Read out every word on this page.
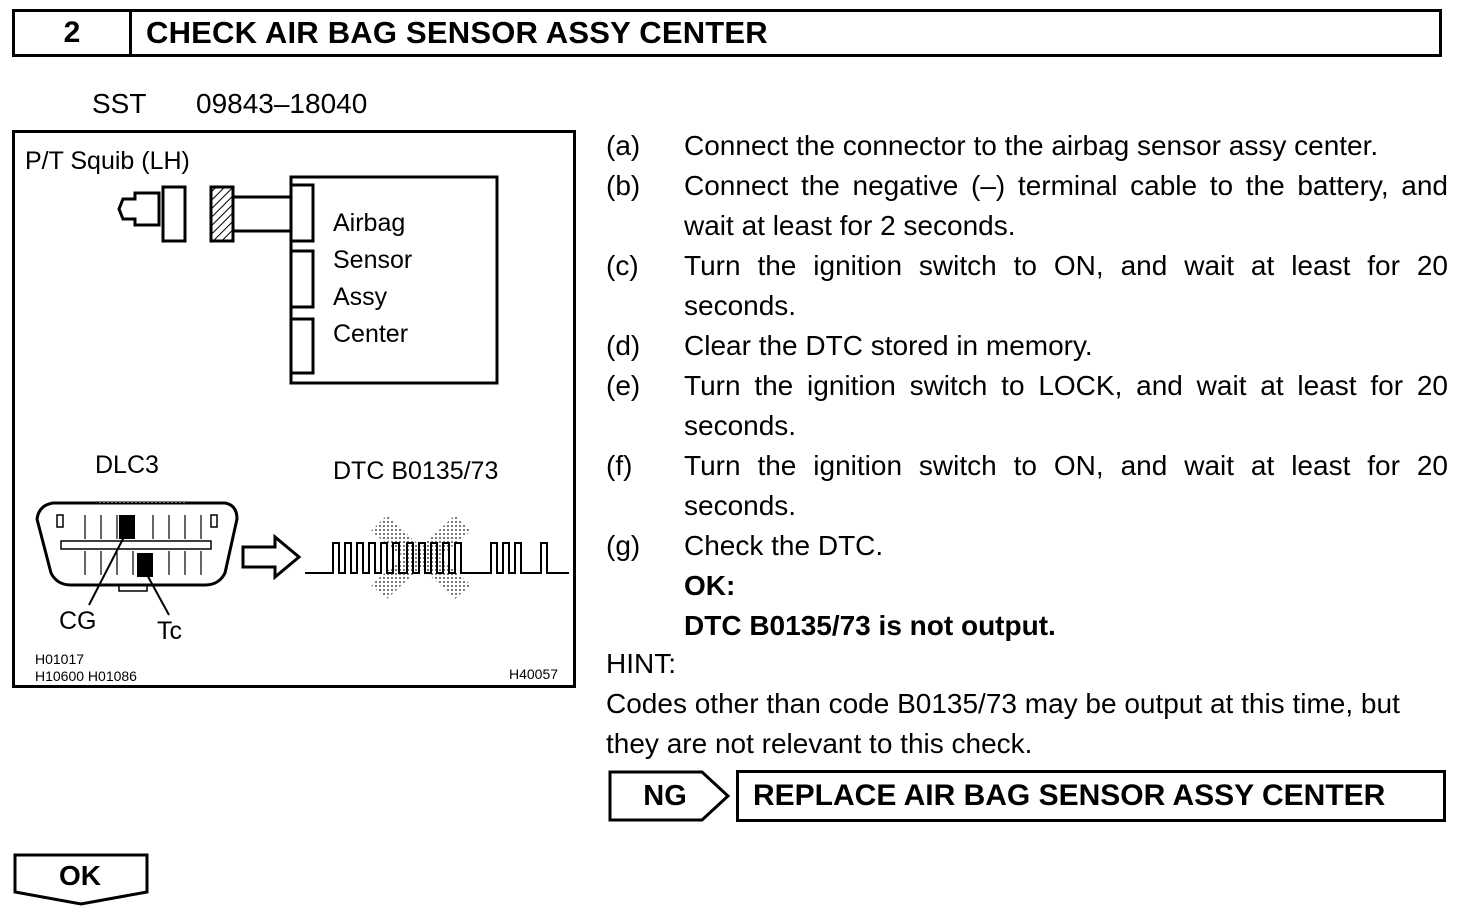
2	CHECK AIR BAG SENSOR ASSY CENTER
SST 09843–18040
P/T Squib (LH)
Airbag
Sensor
Assy
Center
DLC3	DTC B0135/73
CG Tc
H01017
H10600 H01086	H40057
(a)	Connect the connector to the airbag sensor assy center.
(b)	Connect the negative (–) terminal cable to the battery, and wait at least for 2 seconds.
(c)	Turn the ignition switch to ON, and wait at least for 20 seconds.
(d)	Clear the DTC stored in memory.
(e)	Turn the ignition switch to LOCK, and wait at least for 20 seconds.
(f)	Turn the ignition switch to ON, and wait at least for 20 seconds.
(g)	Check the DTC.
OK:
DTC B0135/73 is not output.
HINT:
Codes other than code B0135/73 may be output at this time, but they are not relevant to this check.
NG	REPLACE AIR BAG SENSOR ASSY CENTER
OK
